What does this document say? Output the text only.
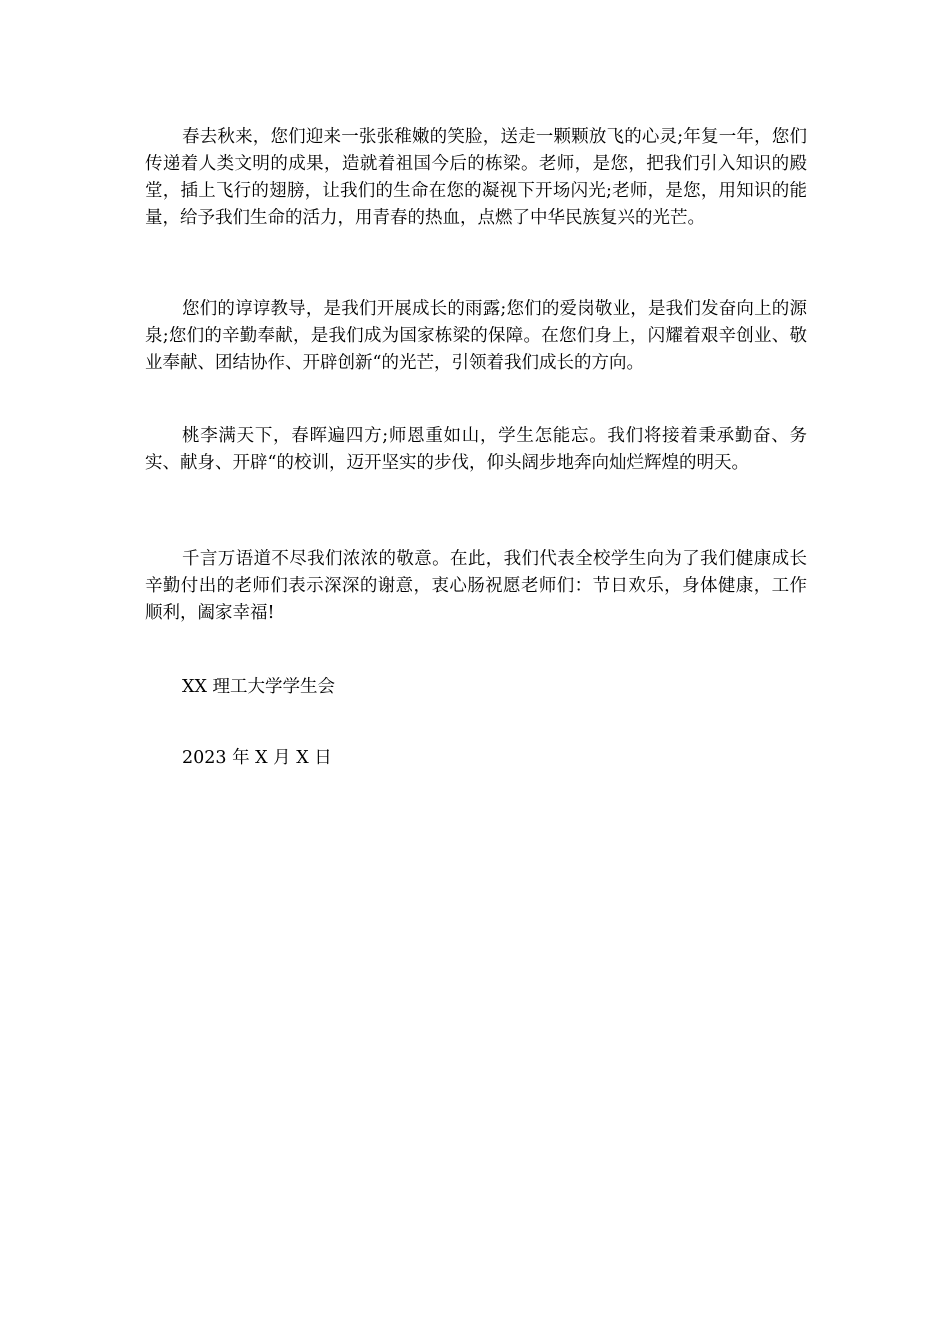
春去秋来，您们迎来一张张稚嫩的笑脸，送走一颗颗放飞的心灵;年复一年，您们传递着人类文明的成果，造就着祖国今后的栋梁。老师，是您，把我们引入知识的殿堂，插上飞行的翅膀，让我们的生命在您的凝视下开场闪光;老师，是您，用知识的能量，给予我们生命的活力，用青春的热血，点燃了中华民族复兴的光芒。

您们的谆谆教导，是我们开展成长的雨露;您们的爱岗敬业，是我们发奋向上的源泉;您们的辛勤奉献，是我们成为国家栋梁的保障。在您们身上，闪耀着艰辛创业、敬业奉献、团结协作、开辟创新“的光芒，引领着我们成长的方向。

桃李满天下，春晖遍四方;师恩重如山，学生怎能忘。我们将接着秉承勤奋、务实、献身、开辟“的校训，迈开坚实的步伐，仰头阔步地奔向灿烂辉煌的明天。

千言万语道不尽我们浓浓的敬意。在此，我们代表全校学生向为了我们健康成长辛勤付出的老师们表示深深的谢意，衷心肠祝愿老师们：节日欢乐，身体健康，工作顺利，阖家幸福!

XX 理工大学学生会

2023 年 X 月 X 日
